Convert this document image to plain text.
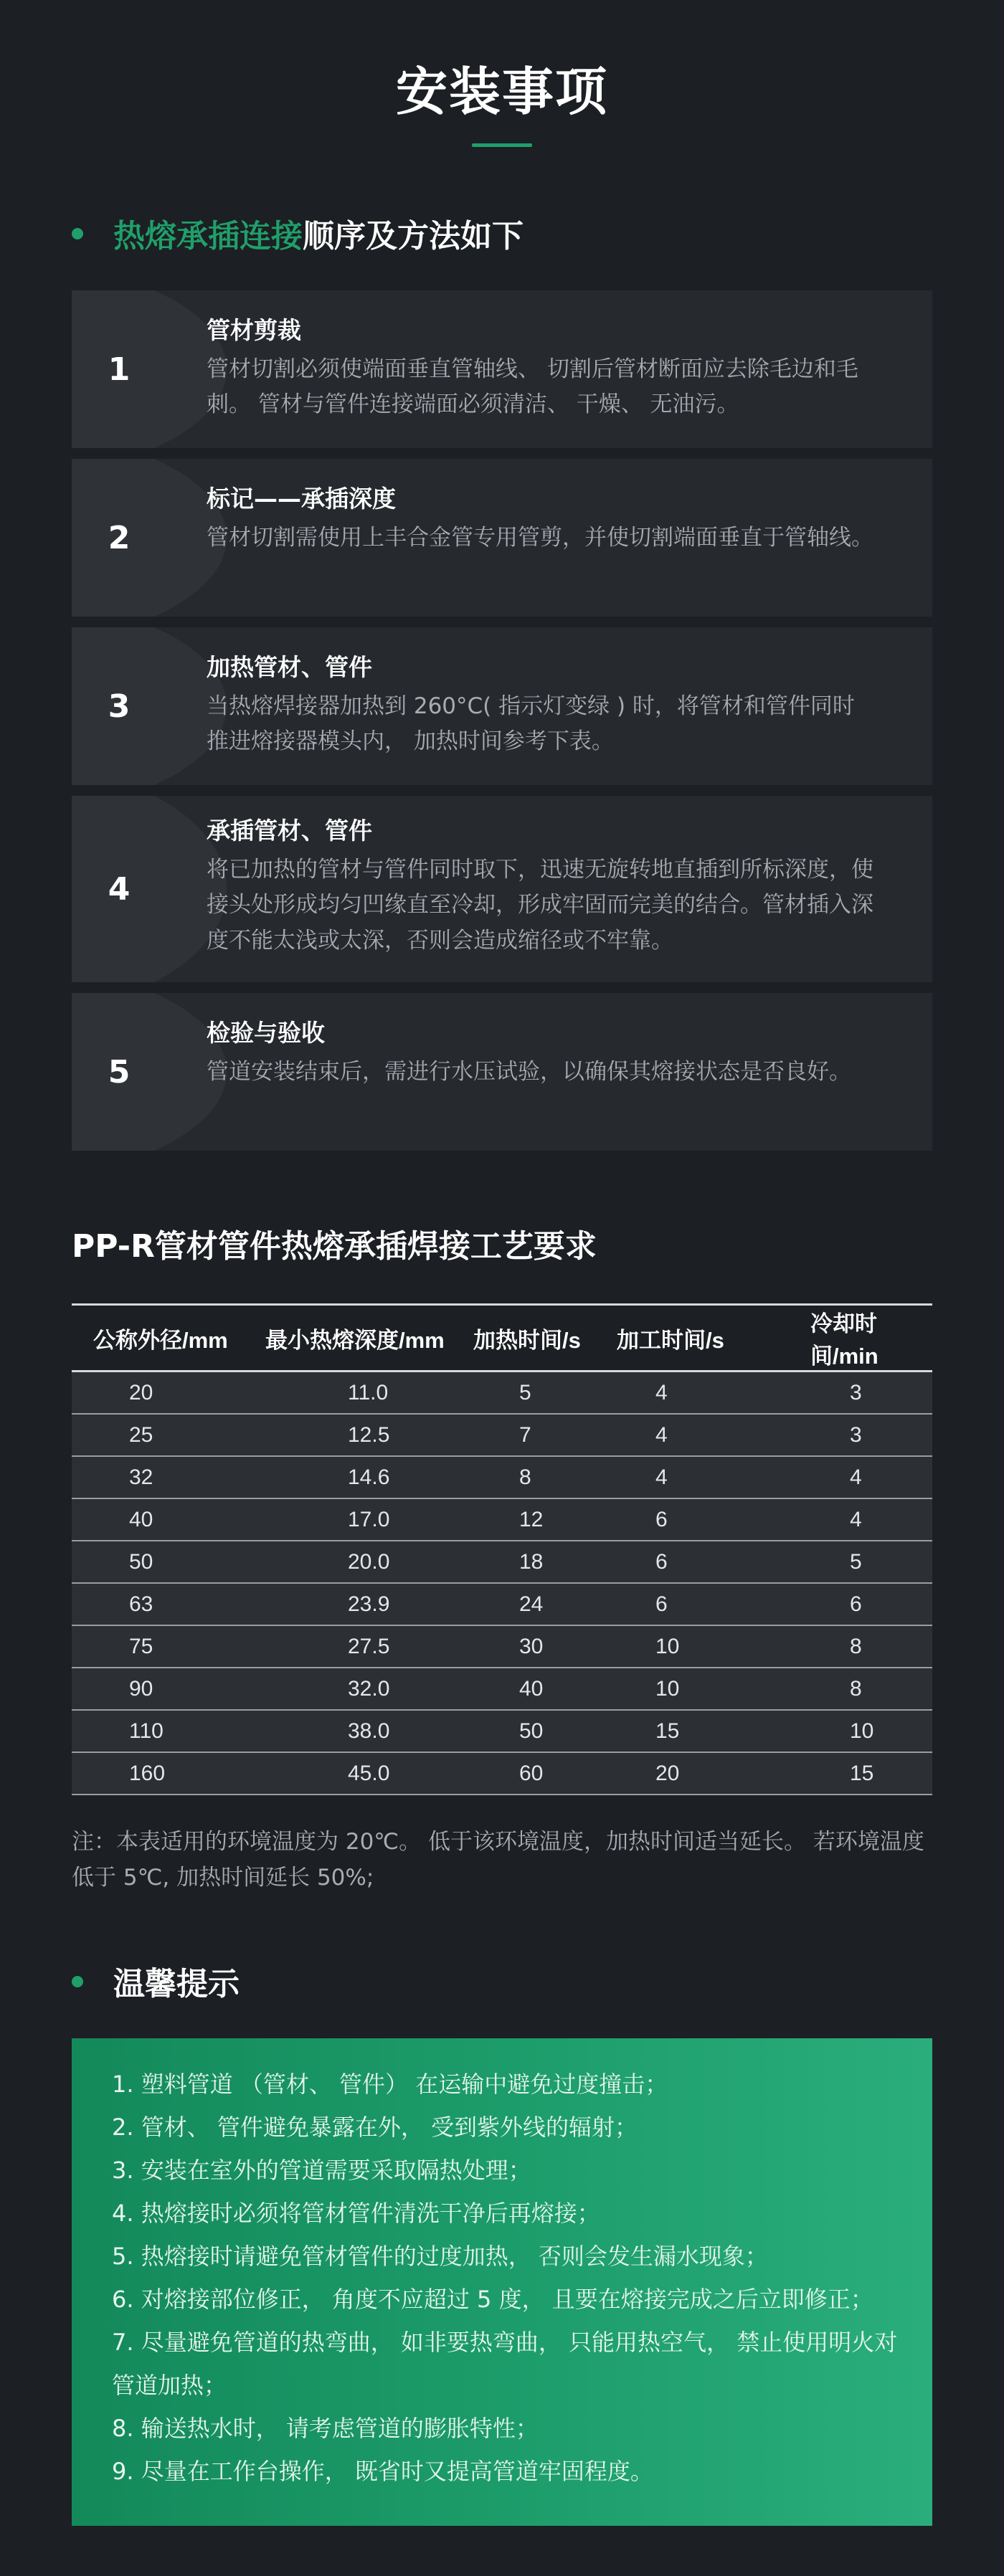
安装事项
热熔承插连接顺序及方法如下
1
管材剪裁
管材切割必须使端面垂直管轴线、 切割后管材断面应去除毛边和毛刺。 管材与管件连接端面必须清洁、 干燥、 无油污。
2
标记——承插深度
管材切割需使用上丰合金管专用管剪，并使切割端面垂直于管轴线。
3
加热管材、管件
当热熔焊接器加热到 260°C( 指示灯变绿 ) 时，将管材和管件同时推进熔接器模头内， 加热时间参考下表。
4
承插管材、管件
将已加热的管材与管件同时取下，迅速无旋转地直插到所标深度，使接头处形成均匀凹缘直至冷却，形成牢固而完美的结合。管材插入深度不能太浅或太深，否则会造成缩径或不牢靠。
5
检验与验收
管道安装结束后，需进行水压试验，以确保其熔接状态是否良好。
PP-R管材管件热熔承插焊接工艺要求
公称外径/mm	最小热熔深度/mm	加热时间/s	加工时间/s	冷却时间/min
20	11.0	5	4	3
25	12.5	7	4	3
32	14.6	8	4	4
40	17.0	12	6	4
50	20.0	18	6	5
63	23.9	24	6	6
75	27.5	30	10	8
90	32.0	40	10	8
110	38.0	50	15	10
160	45.0	60	20	15
注：本表适用的环境温度为 20℃。 低于该环境温度，加热时间适当延长。 若环境温度低于 5℃, 加热时间延长 50%;
温馨提示
1. 塑料管道 （管材、 管件） 在运输中避免过度撞击；
2. 管材、 管件避免暴露在外， 受到紫外线的辐射；
3. 安装在室外的管道需要采取隔热处理；
4. 热熔接时必须将管材管件清洗干净后再熔接；
5. 热熔接时请避免管材管件的过度加热， 否则会发生漏水现象；
6. 对熔接部位修正， 角度不应超过 5 度， 且要在熔接完成之后立即修正；
7. 尽量避免管道的热弯曲， 如非要热弯曲， 只能用热空气， 禁止使用明火对管道加热；
8. 输送热水时， 请考虑管道的膨胀特性；
9. 尽量在工作台操作， 既省时又提高管道牢固程度。
